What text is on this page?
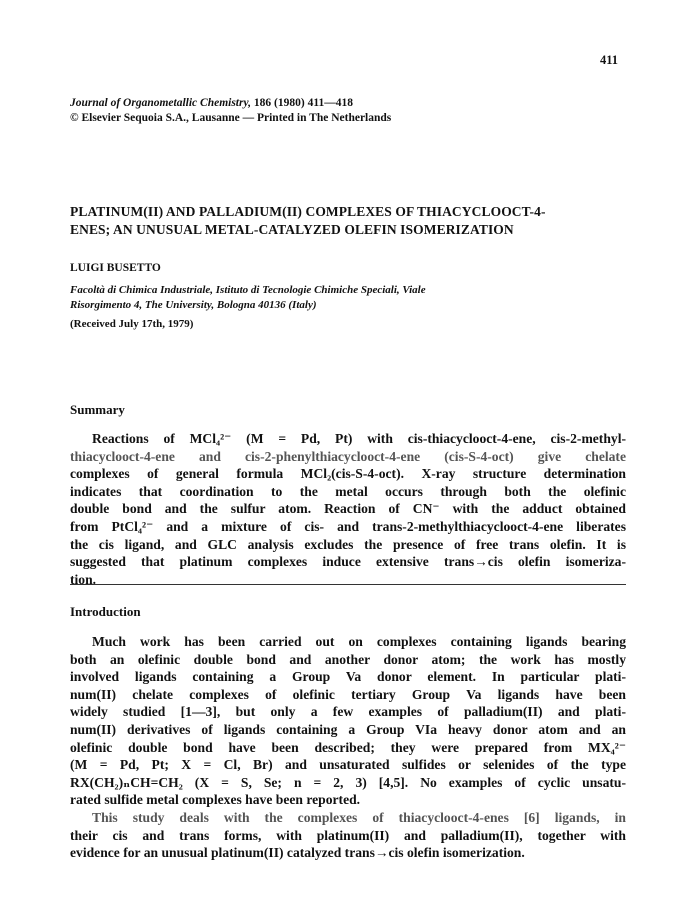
411
Journal of Organometallic Chemistry, 186 (1980) 411—418
© Elsevier Sequoia S.A., Lausanne — Printed in The Netherlands
PLATINUM(II) AND PALLADIUM(II) COMPLEXES OF THIACYCLOOCT-4-
ENES; AN UNUSUAL METAL-CATALYZED OLEFIN ISOMERIZATION
LUIGI BUSETTO
Facoltà di Chimica Industriale, Istituto di Tecnologie Chimiche Speciali, Viale
Risorgimento 4, The University, Bologna 40136 (Italy)
(Received July 17th, 1979)
Summary
Reactions of MCl₄²⁻ (M = Pd, Pt) with cis-thiacyclooct-4-ene, cis-2-methyl-
thiacyclooct-4-ene and cis-2-phenylthiacyclooct-4-ene (cis-S-4-oct) give chelate
complexes of general formula MCl₂(cis-S-4-oct). X-ray structure determination
indicates that coordination to the metal occurs through both the olefinic
double bond and the sulfur atom. Reaction of CN⁻ with the adduct obtained
from PtCl₄²⁻ and a mixture of cis- and trans-2-methylthiacyclooct-4-ene liberates
the cis ligand, and GLC analysis excludes the presence of free trans olefin. It is
suggested that platinum complexes induce extensive trans→cis olefin isomeriza-
tion.
Introduction
Much work has been carried out on complexes containing ligands bearing
both an olefinic double bond and another donor atom; the work has mostly
involved ligands containing a Group Va donor element. In particular plati-
num(II) chelate complexes of olefinic tertiary Group Va ligands have been
widely studied [1—3], but only a few examples of palladium(II) and plati-
num(II) derivatives of ligands containing a Group VIa heavy donor atom and an
olefinic double bond have been described; they were prepared from MX₄²⁻
(M = Pd, Pt; X = Cl, Br) and unsaturated sulfides or selenides of the type
RX(CH₂)ₙCH=CH₂ (X = S, Se; n = 2, 3) [4,5]. No examples of cyclic unsatu-
rated sulfide metal complexes have been reported.
This study deals with the complexes of thiacyclooct-4-enes [6] ligands, in
their cis and trans forms, with platinum(II) and palladium(II), together with
evidence for an unusual platinum(II) catalyzed trans→cis olefin isomerization.
